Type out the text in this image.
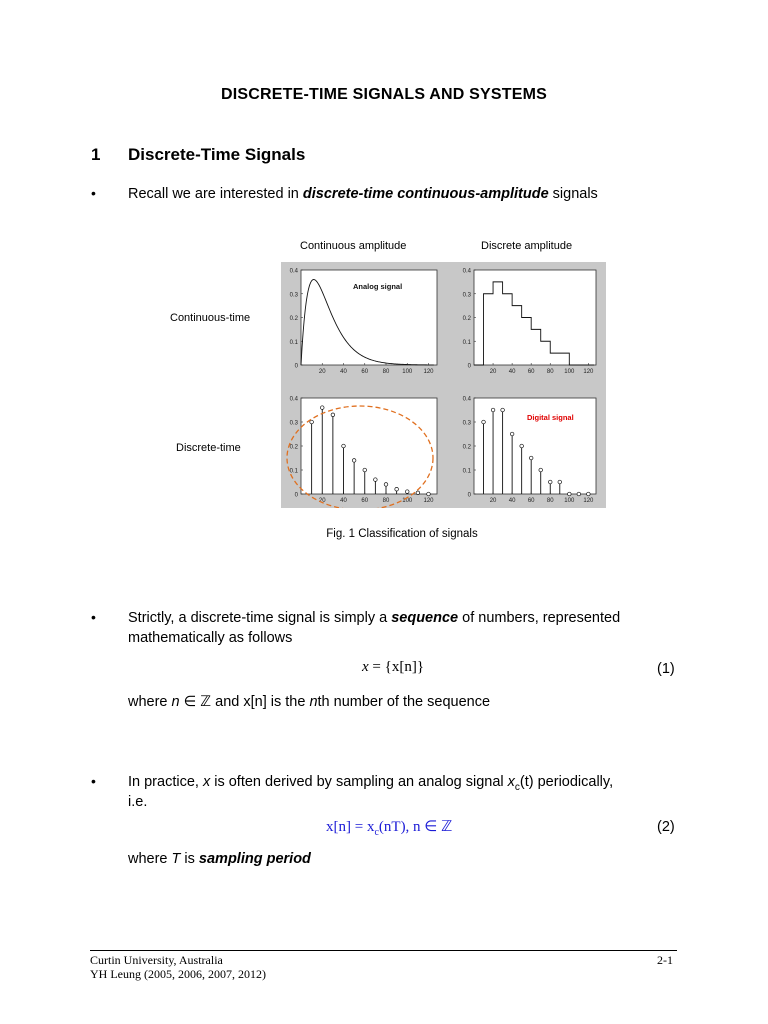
DISCRETE-TIME SIGNALS AND SYSTEMS
1 Discrete-Time Signals
• Recall we are interested in discrete-time continuous-amplitude signals
Continuous amplitude	Discrete amplitude
Continuous-time
Discrete-time
0
0.1
0.2
0.3
0.4
20 40 60 80 100 120
0
0.1
0.2
0.3
0.4
20 40 60 80 100 120
0
0.1
0.2
0.3
0.4
20 40 60 80 100 120
0
0.1
0.2
0.3
0.4
20 40 60 80 100 120
Analog signal
Digital signal
Fig. 1 Classification of signals
• Strictly, a discrete-time signal is simply a sequence of numbers, represented
mathematically as follows
x = {x[n]}	(1)
where n ∈ ℤ and x[n] is the nth number of the sequence
• In practice, x is often derived by sampling an analog signal $x_c(t)$ periodically,
i.e.
$x[n] = x_c(nT)$, n ∈ ℤ	(2)
where T is sampling period
Curtin University, Australia
YH Leung (2005, 2006, 2007, 2012)
2-1
